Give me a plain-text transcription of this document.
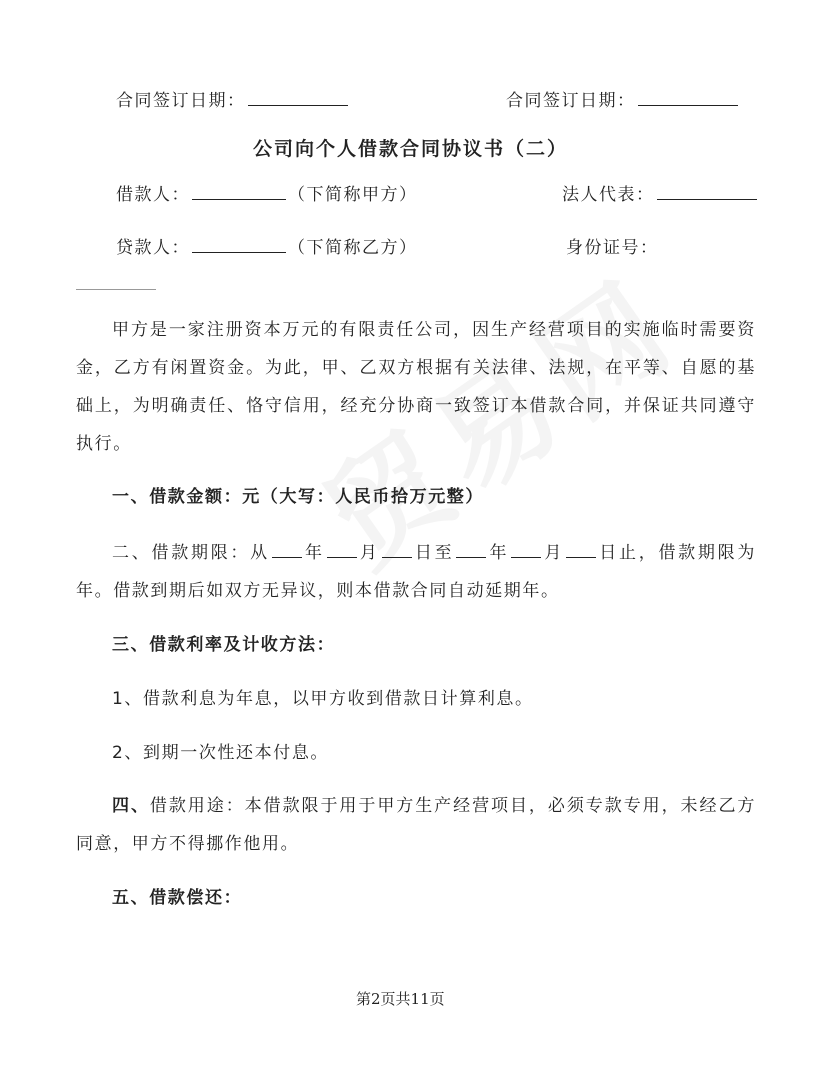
合同签订日期：	合同签订日期：
公司向个人借款合同协议书（二）
借款人：	（下简称甲方）	法人代表：
贷款人：	（下简称乙方）	身份证号：

甲方是一家注册资本万元的有限责任公司，因生产经营项目的实施临时需要资金，乙方有闲置资金。为此，甲、乙双方根据有关法律、法规，在平等、自愿的基础上，为明确责任、恪守信用，经充分协商一致签订本借款合同，并保证共同遵守执行。

一、借款金额：元（大写：人民币拾万元整）

二、借款期限：从 年 月 日至 年 月 日止，借款期限为年。借款到期后如双方无异议，则本借款合同自动延期年。

三、借款利率及计收方法：

1、借款利息为年息，以甲方收到借款日计算利息。

2、到期一次性还本付息。

四、借款用途：本借款限于用于甲方生产经营项目，必须专款专用，未经乙方同意，甲方不得挪作他用。

五、借款偿还：

第2页共11页
